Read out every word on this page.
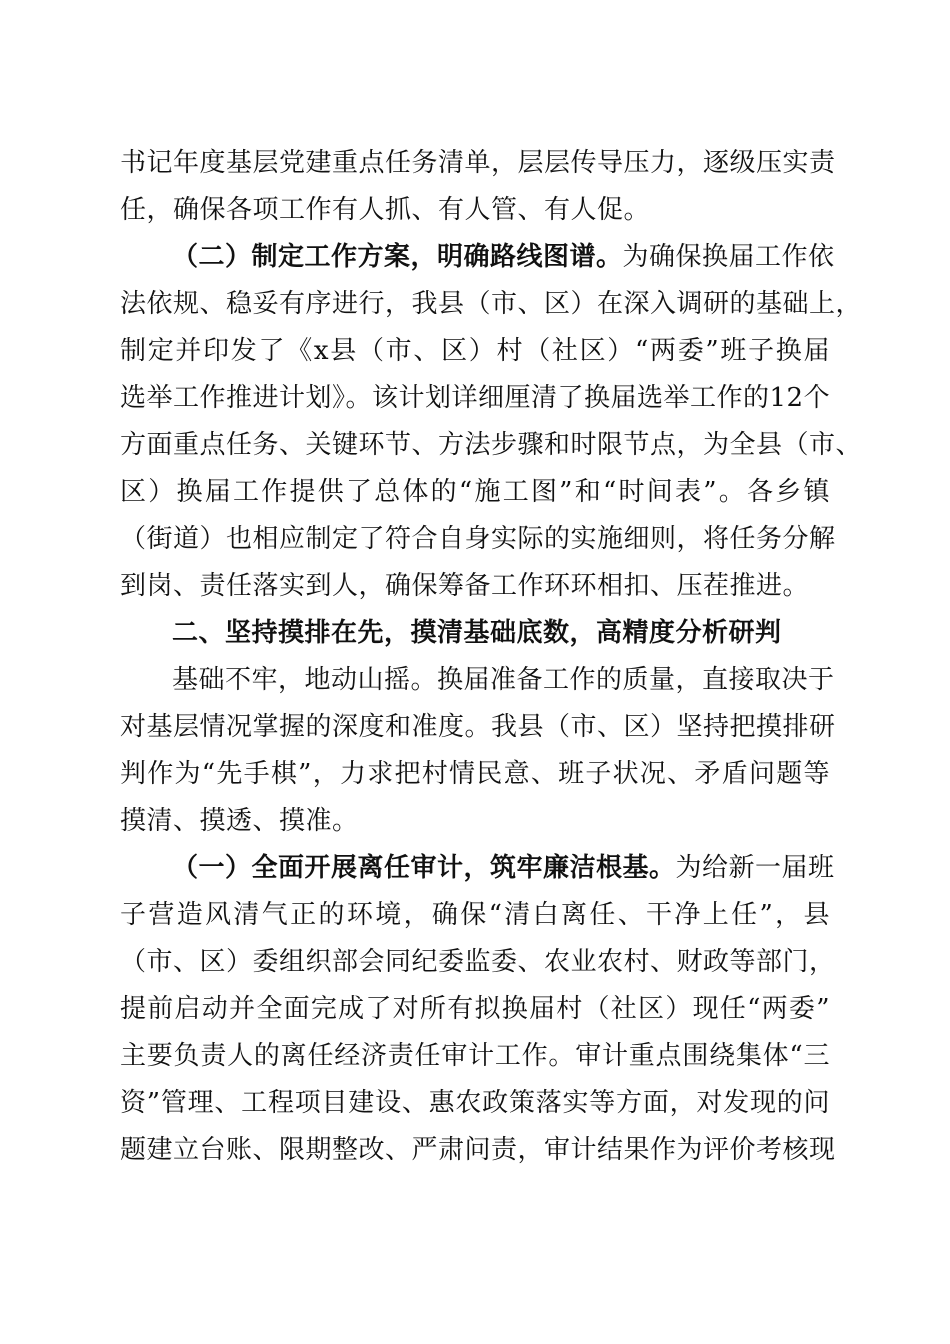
书记年度基层党建重点任务清单，层层传导压力，逐级压实责
任，确保各项工作有人抓、有人管、有人促。
（二）制定工作方案，明确路线图谱。为确保换届工作依
法依规、稳妥有序进行，我县（市、区）在深入调研的基础上，
制定并印发了《x县（市、区）村（社区）“两委”班子换届
选举工作推进计划》。该计划详细厘清了换届选举工作的12个
方面重点任务、关键环节、方法步骤和时限节点，为全县（市、
区）换届工作提供了总体的“施工图”和“时间表”。各乡镇
（街道）也相应制定了符合自身实际的实施细则，将任务分解
到岗、责任落实到人，确保筹备工作环环相扣、压茬推进。
二、坚持摸排在先，摸清基础底数，高精度分析研判
基础不牢，地动山摇。换届准备工作的质量，直接取决于
对基层情况掌握的深度和准度。我县（市、区）坚持把摸排研
判作为“先手棋”，力求把村情民意、班子状况、矛盾问题等
摸清、摸透、摸准。
（一）全面开展离任审计，筑牢廉洁根基。为给新一届班
子营造风清气正的环境，确保“清白离任、干净上任”，县
（市、区）委组织部会同纪委监委、农业农村、财政等部门，
提前启动并全面完成了对所有拟换届村（社区）现任“两委”
主要负责人的离任经济责任审计工作。审计重点围绕集体“三
资”管理、工程项目建设、惠农政策落实等方面，对发现的问
题建立台账、限期整改、严肃问责，审计结果作为评价考核现
